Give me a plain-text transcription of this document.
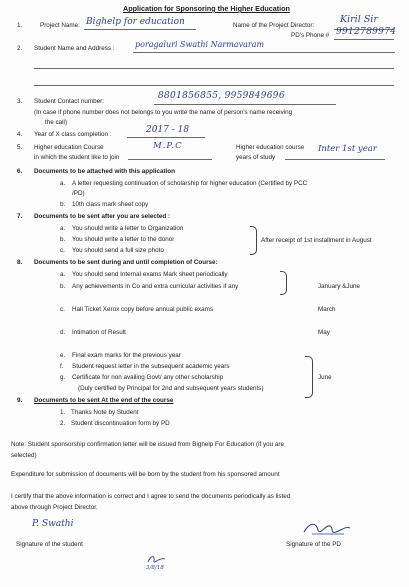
Application for Sponsoring the Higher Education
1.	Project Name: Bighelp for education	Name of the Project Director:
Kiril Sir
PD's Phone # 9912789974
2. Student Name and Address :	poragaluri Swathi Narmavaram
3. Student Contact number:
8801856855, 9959849696
(In case if phone number does not belongs to you write the name of person's name receiving
the call)
4. Year of X class completion :	2017 - 18
5. Higher education Course
in which the student like to join
M.P.C	Higher education course
years of study
Inter 1st year
6. Documents to be attached with this application
a. A letter requesting continuation of scholarship for higher education (Certified by PCC
/PD)
b. 10th class mark sheet copy
7. Documents to be sent after you are selected :
a. You should write a letter to Organization
b. You should write a letter to the donor
c. You should send a full size photo
After receipt of 1st installment in August
8. Documents to be sent during and until completion of Course:
a. You should send Internal exams Mark sheet periodically
b. Any achievements in Co and extra curricular activities if any	January &June
c. Hall Ticket Xerox copy before annual public exams	March
d. Intimation of Result	May
e. Final exam marks for the previous year
f. Student request letter in the subsequent academic years
g. Certificate for non availing Govt/ any other scholarship
(Duly certified by Principal for 2nd and subsequent years students)
June
9. Documents to be sent At the end of the course
1. Thanks Note by Student
2. Student discontinuation form by PD
Note: Student sponsorship confirmation letter will be issued from Bighelp For Education (if you are
selected)
Expenditure for submission of documents will be born by the student from his sponsored amount
I certify that the above information is correct and I agree to send the documents periodically as listed
above through Project Director.
P. Swathi
Signature of the student	Signature of the PD
3/8/18
